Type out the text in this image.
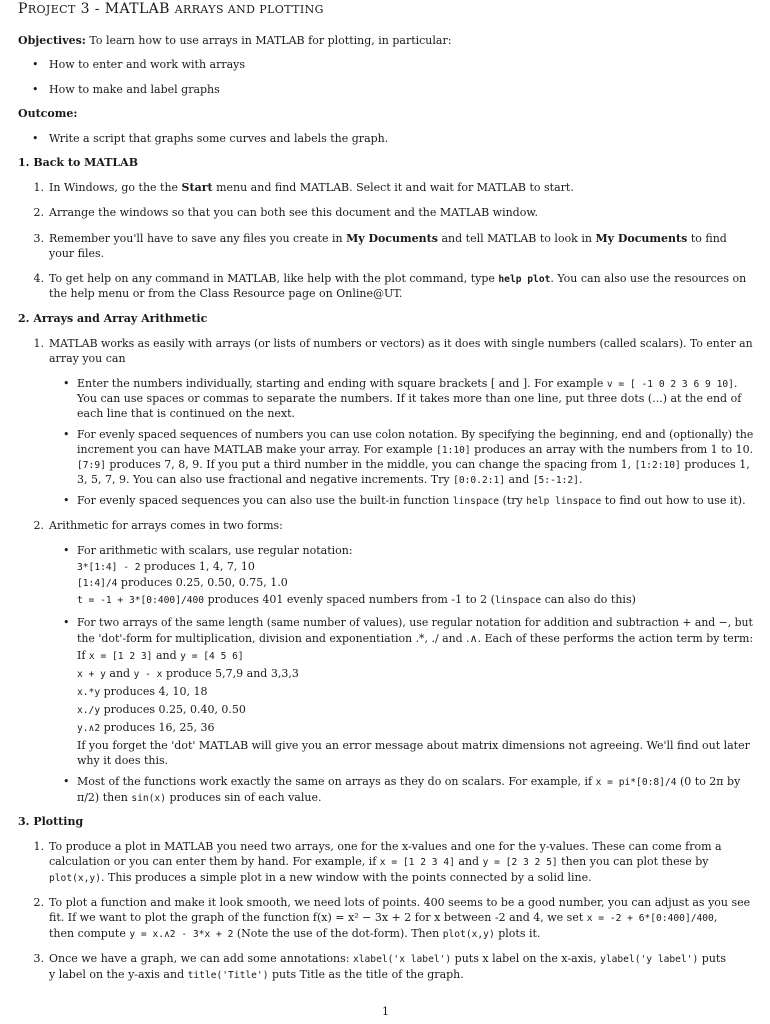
PROJECT 3 - MATLAB ARRAYS AND PLOTTING
Objectives: To learn how to use arrays in MATLAB for plotting, in particular:
• How to enter and work with arrays
• How to make and label graphs
Outcome:
• Write a script that graphs some curves and labels the graph.
1. Back to MATLAB
1. In Windows, go the the Start menu and find MATLAB. Select it and wait for MATLAB to start.
2. Arrange the windows so that you can both see this document and the MATLAB window.
3. Remember you'll have to save any files you create in My Documents and tell MATLAB to look in My Documents to find
your files.
4. To get help on any command in MATLAB, like help with the plot command, type help plot. You can also use the resources on
the help menu or from the Class Resource page on Online@UT.
2. Arrays and Array Arithmetic
1. MATLAB works as easily with arrays (or lists of numbers or vectors) as it does with single numbers (called scalars). To enter an
array you can
• Enter the numbers individually, starting and ending with square brackets [ and ]. For example v = [ -1 0 2 3 6 9 10].
You can use spaces or commas to separate the numbers. If it takes more than one line, put three dots (...) at the end of
each line that is continued on the next.
• For evenly spaced sequences of numbers you can use colon notation. By specifying the beginning, end and (optionally) the
increment you can have MATLAB make your array. For example [1:10] produces an array with the numbers from 1 to 10.
[7:9] produces 7, 8, 9. If you put a third number in the middle, you can change the spacing from 1, [1:2:10] produces 1,
3, 5, 7, 9. You can also use fractional and negative increments. Try [0:0.2:1] and [5:-1:2].
• For evenly spaced sequences you can also use the built-in function linspace (try help linspace to find out how to use it).
2. Arithmetic for arrays comes in two forms:
• For arithmetic with scalars, use regular notation:
3*[1:4] - 2 produces 1, 4, 7, 10
[1:4]/4 produces 0.25, 0.50, 0.75, 1.0
t = -1 + 3*[0:400]/400 produces 401 evenly spaced numbers from -1 to 2 (linspace can also do this)
• For two arrays of the same length (same number of values), use regular notation for addition and subtraction + and −, but
the 'dot'-form for multiplication, division and exponentiation .*, ./ and .∧. Each of these performs the action term by term:
If x = [1 2 3] and y = [4 5 6]
x + y and y - x produce 5,7,9 and 3,3,3
x.*y produces 4, 10, 18
x./y produces 0.25, 0.40, 0.50
y.∧2 produces 16, 25, 36
If you forget the 'dot' MATLAB will give you an error message about matrix dimensions not agreeing. We'll find out later
why it does this.
• Most of the functions work exactly the same on arrays as they do on scalars. For example, if x = pi*[0:8]/4 (0 to 2π by
π/2) then sin(x) produces sin of each value.
3. Plotting
1. To produce a plot in MATLAB you need two arrays, one for the x-values and one for the y-values. These can come from a
calculation or you can enter them by hand. For example, if x = [1 2 3 4] and y = [2 3 2 5] then you can plot these by
plot(x,y). This produces a simple plot in a new window with the points connected by a solid line.
2. To plot a function and make it look smooth, we need lots of points. 400 seems to be a good number, you can adjust as you see
fit. If we want to plot the graph of the function f(x) = x² − 3x + 2 for x between -2 and 4, we set x = -2 + 6*[0:400]/400,
then compute y = x.∧2 - 3*x + 2 (Note the use of the dot-form). Then plot(x,y) plots it.
3. Once we have a graph, we can add some annotations: xlabel('x label') puts x label on the x-axis, ylabel('y label') puts
y label on the y-axis and title('Title') puts Title as the title of the graph.
1
